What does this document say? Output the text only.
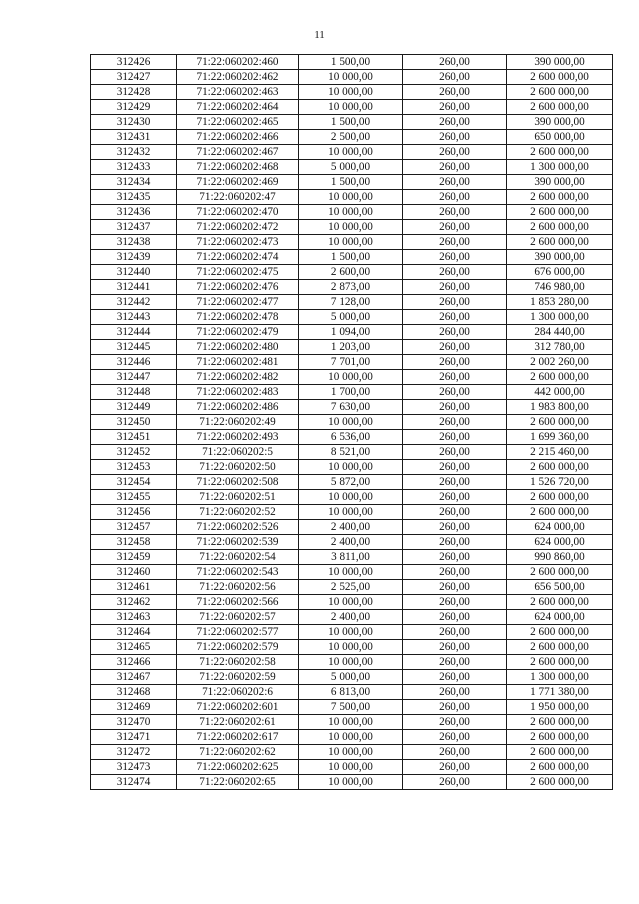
11
312426	71:22:060202:460	1 500,00	260,00	390 000,00
312427	71:22:060202:462	10 000,00	260,00	2 600 000,00
312428	71:22:060202:463	10 000,00	260,00	2 600 000,00
312429	71:22:060202:464	10 000,00	260,00	2 600 000,00
312430	71:22:060202:465	1 500,00	260,00	390 000,00
312431	71:22:060202:466	2 500,00	260,00	650 000,00
312432	71:22:060202:467	10 000,00	260,00	2 600 000,00
312433	71:22:060202:468	5 000,00	260,00	1 300 000,00
312434	71:22:060202:469	1 500,00	260,00	390 000,00
312435	71:22:060202:47	10 000,00	260,00	2 600 000,00
312436	71:22:060202:470	10 000,00	260,00	2 600 000,00
312437	71:22:060202:472	10 000,00	260,00	2 600 000,00
312438	71:22:060202:473	10 000,00	260,00	2 600 000,00
312439	71:22:060202:474	1 500,00	260,00	390 000,00
312440	71:22:060202:475	2 600,00	260,00	676 000,00
312441	71:22:060202:476	2 873,00	260,00	746 980,00
312442	71:22:060202:477	7 128,00	260,00	1 853 280,00
312443	71:22:060202:478	5 000,00	260,00	1 300 000,00
312444	71:22:060202:479	1 094,00	260,00	284 440,00
312445	71:22:060202:480	1 203,00	260,00	312 780,00
312446	71:22:060202:481	7 701,00	260,00	2 002 260,00
312447	71:22:060202:482	10 000,00	260,00	2 600 000,00
312448	71:22:060202:483	1 700,00	260,00	442 000,00
312449	71:22:060202:486	7 630,00	260,00	1 983 800,00
312450	71:22:060202:49	10 000,00	260,00	2 600 000,00
312451	71:22:060202:493	6 536,00	260,00	1 699 360,00
312452	71:22:060202:5	8 521,00	260,00	2 215 460,00
312453	71:22:060202:50	10 000,00	260,00	2 600 000,00
312454	71:22:060202:508	5 872,00	260,00	1 526 720,00
312455	71:22:060202:51	10 000,00	260,00	2 600 000,00
312456	71:22:060202:52	10 000,00	260,00	2 600 000,00
312457	71:22:060202:526	2 400,00	260,00	624 000,00
312458	71:22:060202:539	2 400,00	260,00	624 000,00
312459	71:22:060202:54	3 811,00	260,00	990 860,00
312460	71:22:060202:543	10 000,00	260,00	2 600 000,00
312461	71:22:060202:56	2 525,00	260,00	656 500,00
312462	71:22:060202:566	10 000,00	260,00	2 600 000,00
312463	71:22:060202:57	2 400,00	260,00	624 000,00
312464	71:22:060202:577	10 000,00	260,00	2 600 000,00
312465	71:22:060202:579	10 000,00	260,00	2 600 000,00
312466	71:22:060202:58	10 000,00	260,00	2 600 000,00
312467	71:22:060202:59	5 000,00	260,00	1 300 000,00
312468	71:22:060202:6	6 813,00	260,00	1 771 380,00
312469	71:22:060202:601	7 500,00	260,00	1 950 000,00
312470	71:22:060202:61	10 000,00	260,00	2 600 000,00
312471	71:22:060202:617	10 000,00	260,00	2 600 000,00
312472	71:22:060202:62	10 000,00	260,00	2 600 000,00
312473	71:22:060202:625	10 000,00	260,00	2 600 000,00
312474	71:22:060202:65	10 000,00	260,00	2 600 000,00
